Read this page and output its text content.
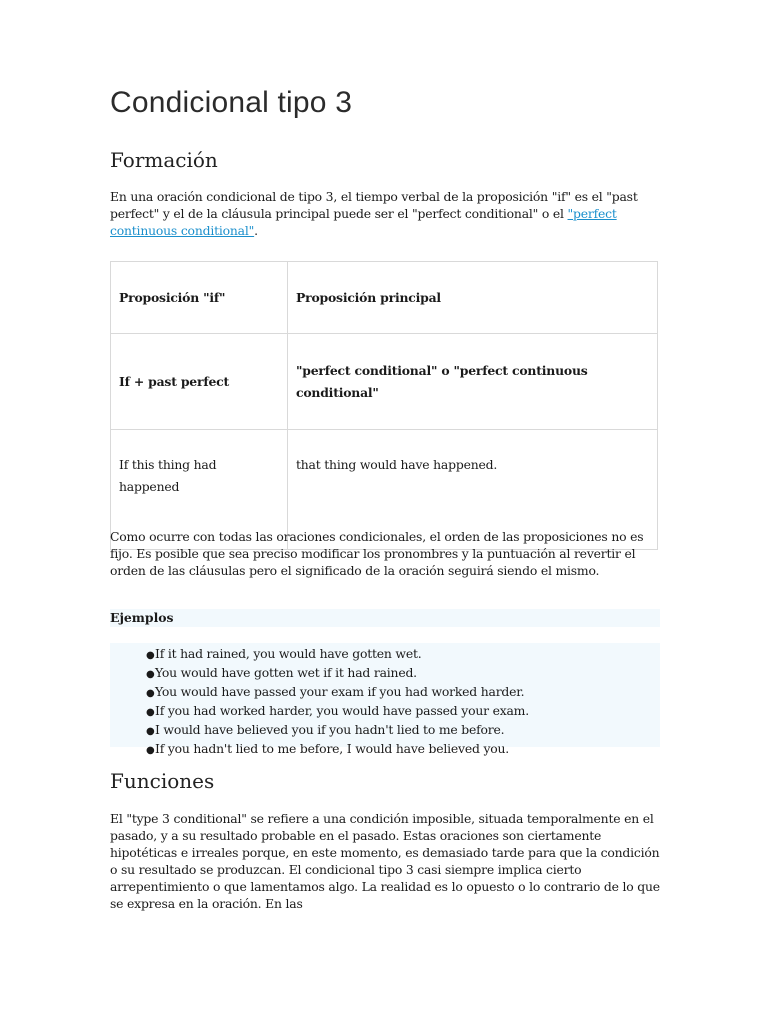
Condicional tipo 3
Formación

En una oración condicional de tipo 3, el tiempo verbal de la proposición "if" es el "past perfect" y el de la cláusula principal puede ser el "perfect conditional" o el "perfect continuous conditional".

Proposición "if"	Proposición principal
If + past perfect	"perfect conditional" o "perfect continuous conditional"
If this thing had happened	that thing would have happened.

Como ocurre con todas las oraciones condicionales, el orden de las proposiciones no es fijo. Es posible que sea preciso modificar los pronombres y la puntuación al revertir el orden de las cláusulas pero el significado de la oración seguirá siendo el mismo.

Ejemplos
●If it had rained, you would have gotten wet.
●You would have gotten wet if it had rained.
●You would have passed your exam if you had worked harder.
●If you had worked harder, you would have passed your exam.
●I would have believed you if you hadn't lied to me before.
●If you hadn't lied to me before, I would have believed you.
Funciones

El "type 3 conditional" se refiere a una condición imposible, situada temporalmente en el pasado, y a su resultado probable en el pasado. Estas oraciones son ciertamente hipotéticas e irreales porque, en este momento, es demasiado tarde para que la condición o su resultado se produzcan. El condicional tipo 3 casi siempre implica cierto arrepentimiento o que lamentamos algo. La realidad es lo opuesto o lo contrario de lo que se expresa en la oración. En las
